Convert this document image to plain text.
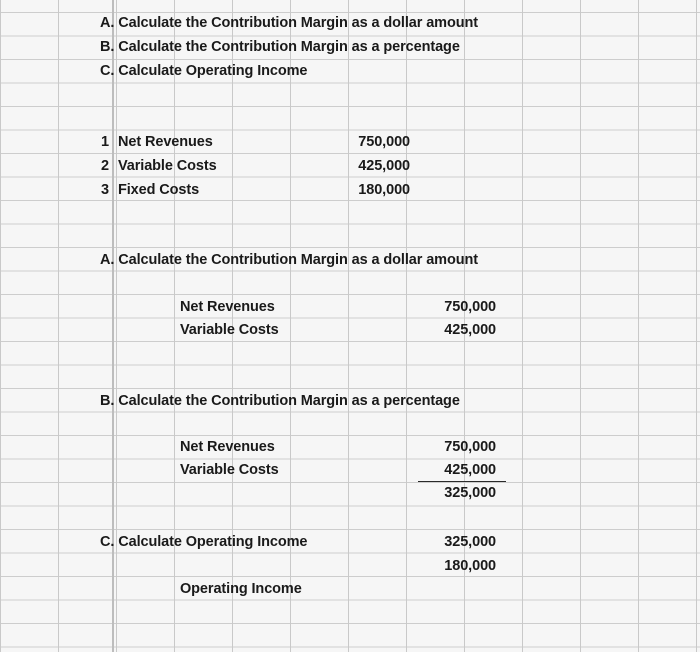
A. Calculate the Contribution Margin as a dollar amount
B. Calculate the Contribution Margin as a percentage
C. Calculate Operating Income
1 Net Revenues	750,000
2 Variable Costs	425,000
3 Fixed Costs	180,000
A. Calculate the Contribution Margin as a dollar amount
Net Revenues	750,000
Variable Costs	425,000
B. Calculate the Contribution Margin as a percentage
Net Revenues	750,000
Variable Costs	425,000
325,000
C. Calculate Operating Income	325,000
180,000
Operating Income
